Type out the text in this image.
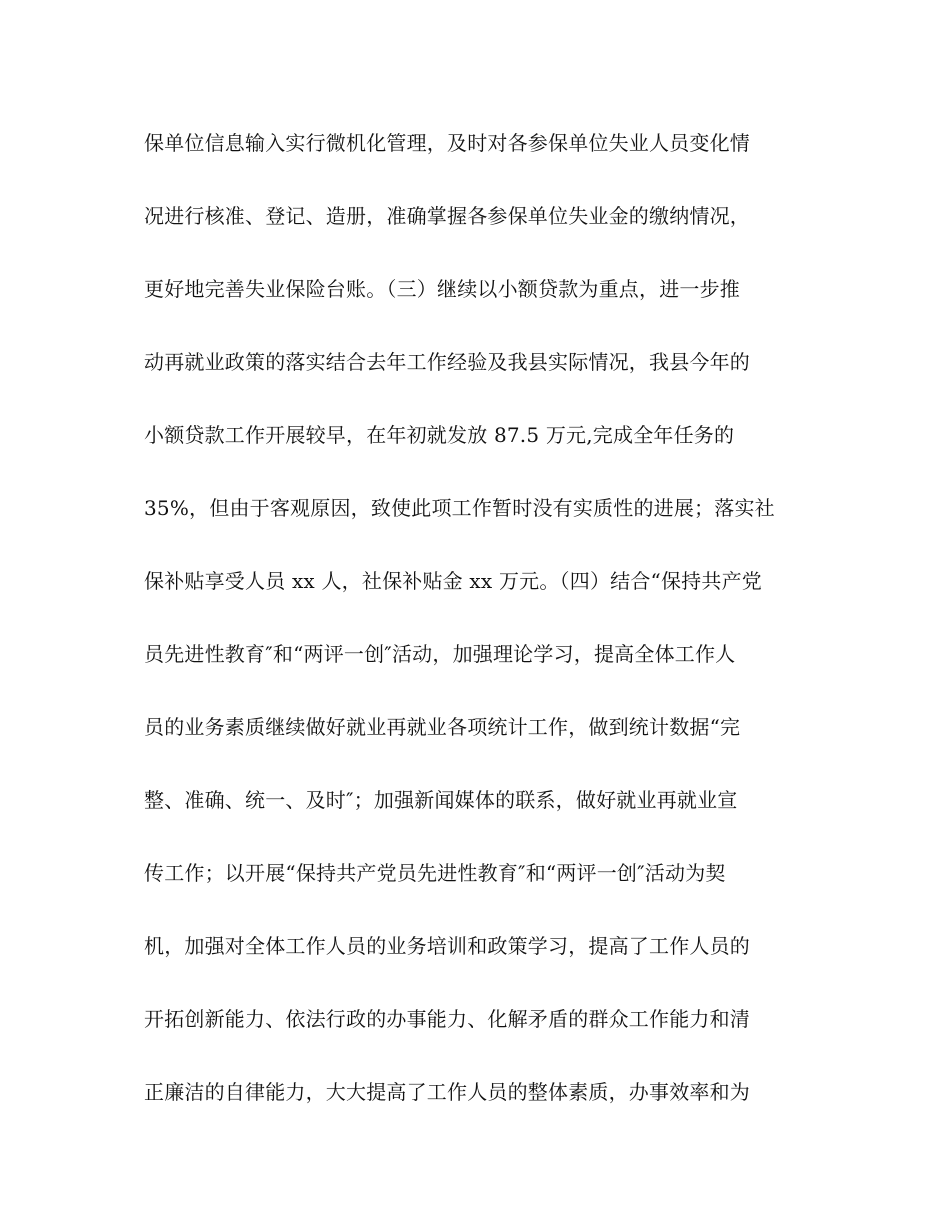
保单位信息输入实行微机化管理，及时对各参保单位失业人员变化情
况进行核准、登记、造册，准确掌握各参保单位失业金的缴纳情况，
更好地完善失业保险台账。（三）继续以小额贷款为重点，进一步推
动再就业政策的落实结合去年工作经验及我县实际情况，我县今年的
小额贷款工作开展较早，在年初就发放 87.5 万元,完成全年任务的
35%，但由于客观原因，致使此项工作暂时没有实质性的进展；落实社
保补贴享受人员 xx 人，社保补贴金 xx 万元。（四）结合“保持共产党
员先进性教育″和“两评一创″活动，加强理论学习，提高全体工作人
员的业务素质继续做好就业再就业各项统计工作，做到统计数据“完
整、准确、统一、及时″；加强新闻媒体的联系，做好就业再就业宣
传工作；以开展“保持共产党员先进性教育″和“两评一创″活动为契
机，加强对全体工作人员的业务培训和政策学习，提高了工作人员的
开拓创新能力、依法行政的办事能力、化解矛盾的群众工作能力和清
正廉洁的自律能力，大大提高了工作人员的整体素质，办事效率和为
